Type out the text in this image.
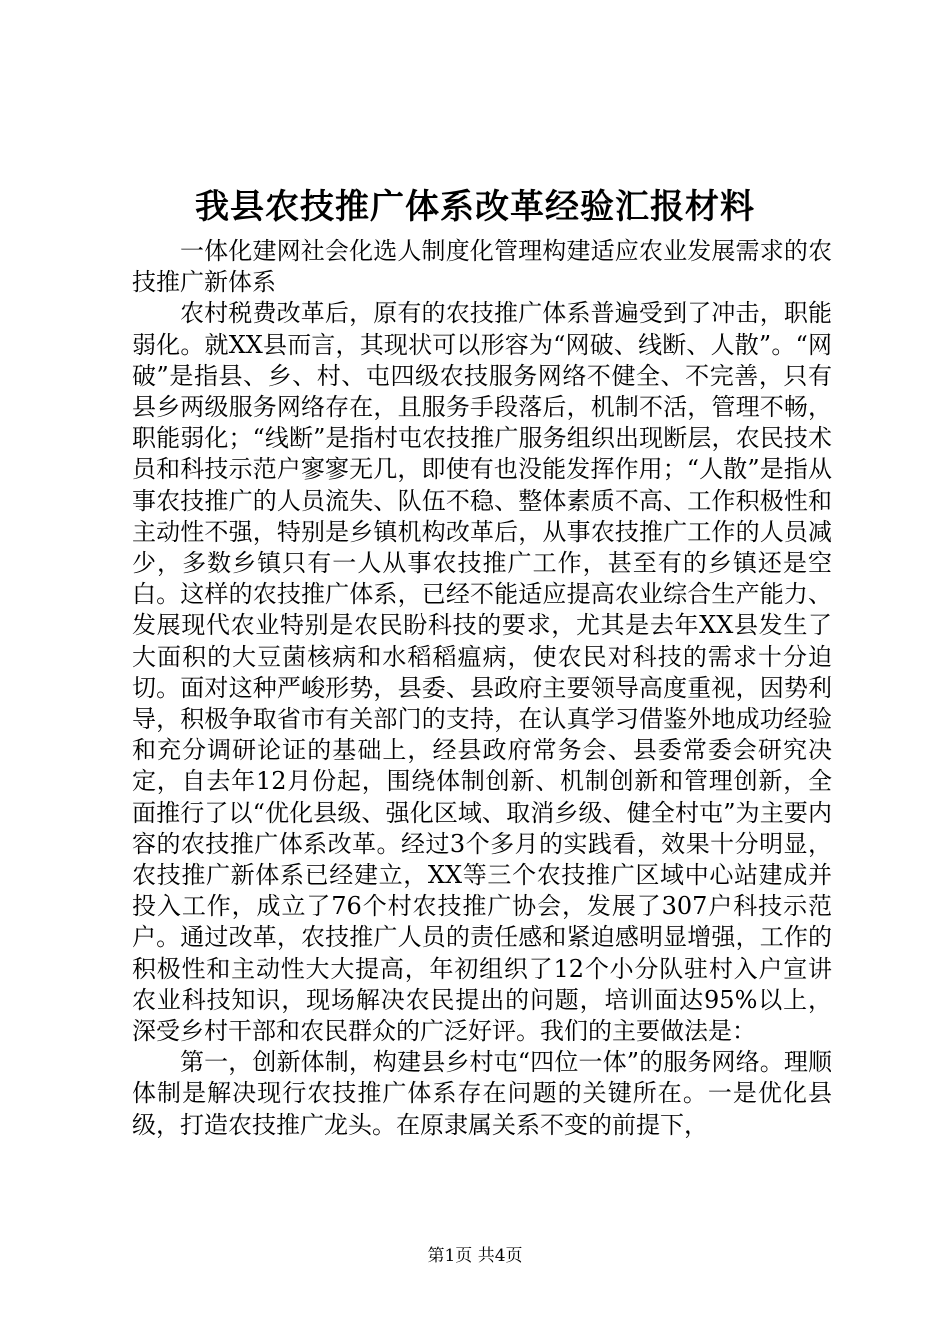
我县农技推广体系改革经验汇报材料

一体化建网社会化选人制度化管理构建适应农业发展需求的农技推广新体系

农村税费改革后，原有的农技推广体系普遍受到了冲击，职能弱化。就XX县而言，其现状可以形容为“网破、线断、人散”。“网破”是指县、乡、村、屯四级农技服务网络不健全、不完善，只有县乡两级服务网络存在，且服务手段落后，机制不活，管理不畅，职能弱化；“线断”是指村屯农技推广服务组织出现断层，农民技术员和科技示范户寥寥无几，即使有也没能发挥作用；“人散”是指从事农技推广的人员流失、队伍不稳、整体素质不高、工作积极性和主动性不强，特别是乡镇机构改革后，从事农技推广工作的人员减少，多数乡镇只有一人从事农技推广工作，甚至有的乡镇还是空白。这样的农技推广体系，已经不能适应提高农业综合生产能力、发展现代农业特别是农民盼科技的要求，尤其是去年XX县发生了大面积的大豆菌核病和水稻稻瘟病，使农民对科技的需求十分迫切。面对这种严峻形势，县委、县政府主要领导高度重视，因势利导，积极争取省市有关部门的支持，在认真学习借鉴外地成功经验和充分调研论证的基础上，经县政府常务会、县委常委会研究决定，自去年12月份起，围绕体制创新、机制创新和管理创新，全面推行了以“优化县级、强化区域、取消乡级、健全村屯”为主要内容的农技推广体系改革。经过3个多月的实践看，效果十分明显，农技推广新体系已经建立，XX等三个农技推广区域中心站建成并投入工作，成立了76个村农技推广协会，发展了307户科技示范户。通过改革，农技推广人员的责任感和紧迫感明显增强，工作的积极性和主动性大大提高，年初组织了12个小分队驻村入户宣讲农业科技知识，现场解决农民提出的问题，培训面达95%以上，深受乡村干部和农民群众的广泛好评。我们的主要做法是：

第一，创新体制，构建县乡村屯“四位一体”的服务网络。理顺体制是解决现行农技推广体系存在问题的关键所在。一是优化县级，打造农技推广龙头。在原隶属关系不变的前提下，

第1页 共4页
